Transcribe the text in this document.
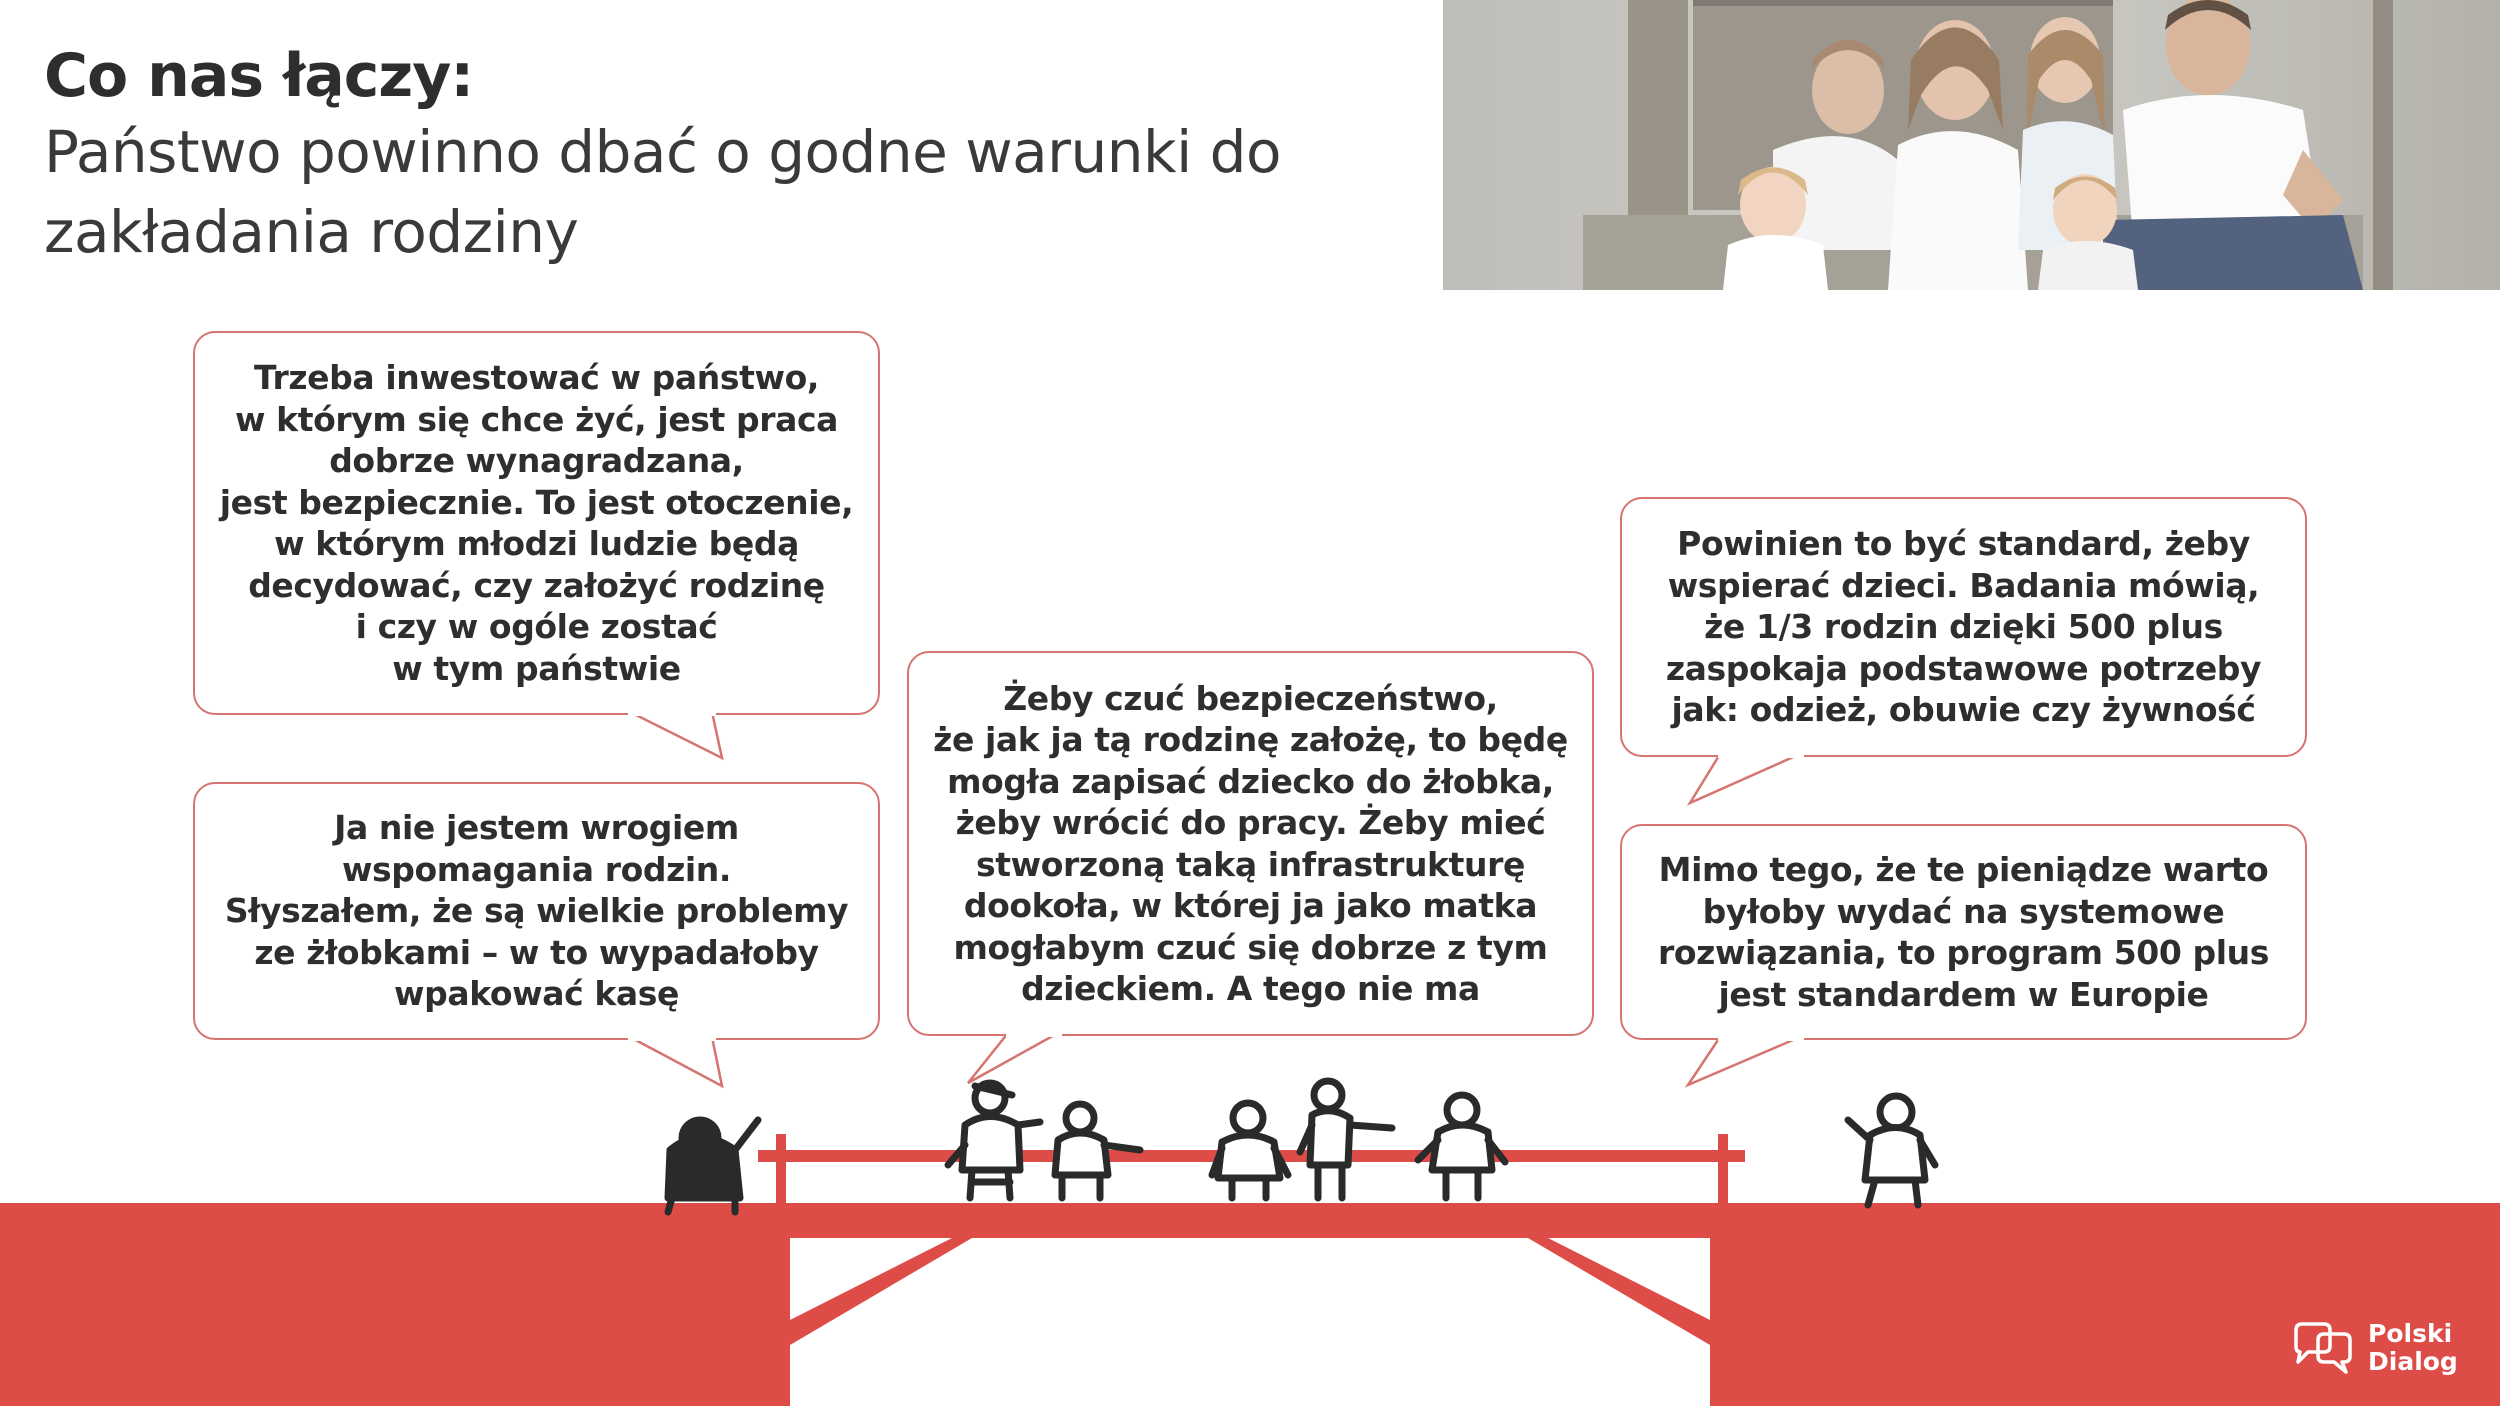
Co nas łączy:

Państwo powinno dbać o godne warunki do zakładania rodziny

Trzeba inwestować w państwo,
w którym się chce żyć, jest praca
dobrze wynagradzana,
jest bezpiecznie. To jest otoczenie,
w którym młodzi ludzie będą
decydować, czy założyć rodzinę
i czy w ogóle zostać
w tym państwie
Ja nie jestem wrogiem
wspomagania rodzin.
Słyszałem, że są wielkie problemy
ze żłobkami – w to wypadałoby
wpakować kasę
Żeby czuć bezpieczeństwo,
że jak ja tą rodzinę założę, to będę
mogła zapisać dziecko do żłobka,
żeby wrócić do pracy. Żeby mieć
stworzoną taką infrastrukturę
dookoła, w której ja jako matka
mogłabym czuć się dobrze z tym
dzieckiem. A tego nie ma
Powinien to być standard, żeby
wspierać dzieci. Badania mówią,
że 1/3 rodzin dzięki 500 plus
zaspokaja podstawowe potrzeby
jak: odzież, obuwie czy żywność
Mimo tego, że te pieniądze warto
byłoby wydać na systemowe
rozwiązania, to program 500 plus
jest standardem w Europie
Polski
Dialog
